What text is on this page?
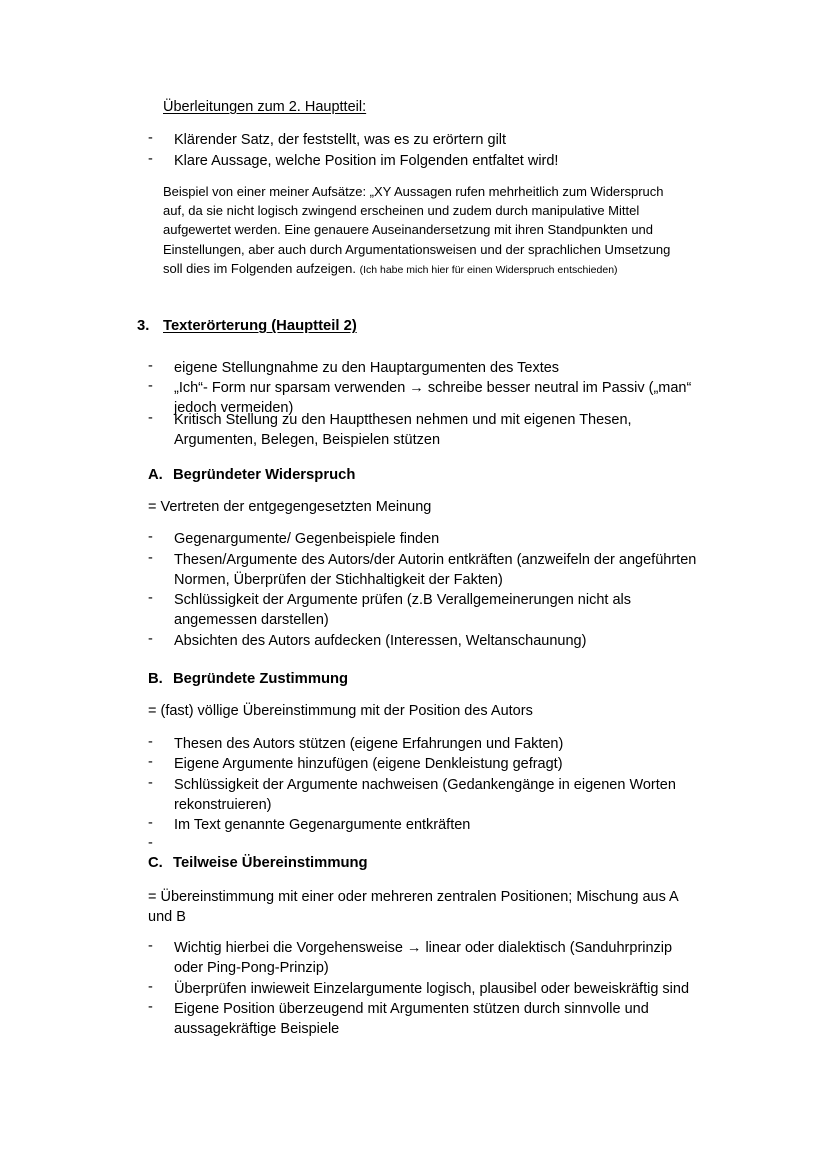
Überleitungen zum 2. Hauptteil:
-	Klärender Satz, der feststellt, was es zu erörtern gilt
-	Klare Aussage, welche Position im Folgenden entfaltet wird!
Beispiel von einer meiner Aufsätze: „XY Aussagen rufen mehrheitlich zum Widerspruch
auf, da sie nicht logisch zwingend erscheinen und zudem durch manipulative Mittel
aufgewertet werden. Eine genauere Auseinandersetzung mit ihren Standpunkten und
Einstellungen, aber auch durch Argumentationsweisen und der sprachlichen Umsetzung
soll dies im Folgenden aufzeigen. (Ich habe mich hier für einen Widerspruch entschieden)
3. Texterörterung (Hauptteil 2)
-	eigene Stellungnahme zu den Hauptargumenten des Textes
-	„Ich“- Form nur sparsam verwenden → schreibe besser neutral im Passiv („man“
jedoch vermeiden)
-	Kritisch Stellung zu den Hauptthesen nehmen und mit eigenen Thesen,
Argumenten, Belegen, Beispielen stützen
A. Begründeter Widerspruch
= Vertreten der entgegengesetzten Meinung
-	Gegenargumente/ Gegenbeispiele finden
-	Thesen/Argumente des Autors/der Autorin entkräften (anzweifeln der angeführten
Normen, Überprüfen der Stichhaltigkeit der Fakten)
-	Schlüssigkeit der Argumente prüfen (z.B Verallgemeinerungen nicht als
angemessen darstellen)
-	Absichten des Autors aufdecken (Interessen, Weltanschaunung)
B. Begründete Zustimmung
= (fast) völlige Übereinstimmung mit der Position des Autors
-	Thesen des Autors stützen (eigene Erfahrungen und Fakten)
-	Eigene Argumente hinzufügen (eigene Denkleistung gefragt)
-	Schlüssigkeit der Argumente nachweisen (Gedankengänge in eigenen Worten
rekonstruieren)
-	Im Text genannte Gegenargumente entkräften
-
C. Teilweise Übereinstimmung
= Übereinstimmung mit einer oder mehreren zentralen Positionen; Mischung aus A
und B
-	Wichtig hierbei die Vorgehensweise → linear oder dialektisch (Sanduhrprinzip
oder Ping-Pong-Prinzip)
-	Überprüfen inwieweit Einzelargumente logisch, plausibel oder beweiskräftig sind
-	Eigene Position überzeugend mit Argumenten stützen durch sinnvolle und
aussagekräftige Beispiele
